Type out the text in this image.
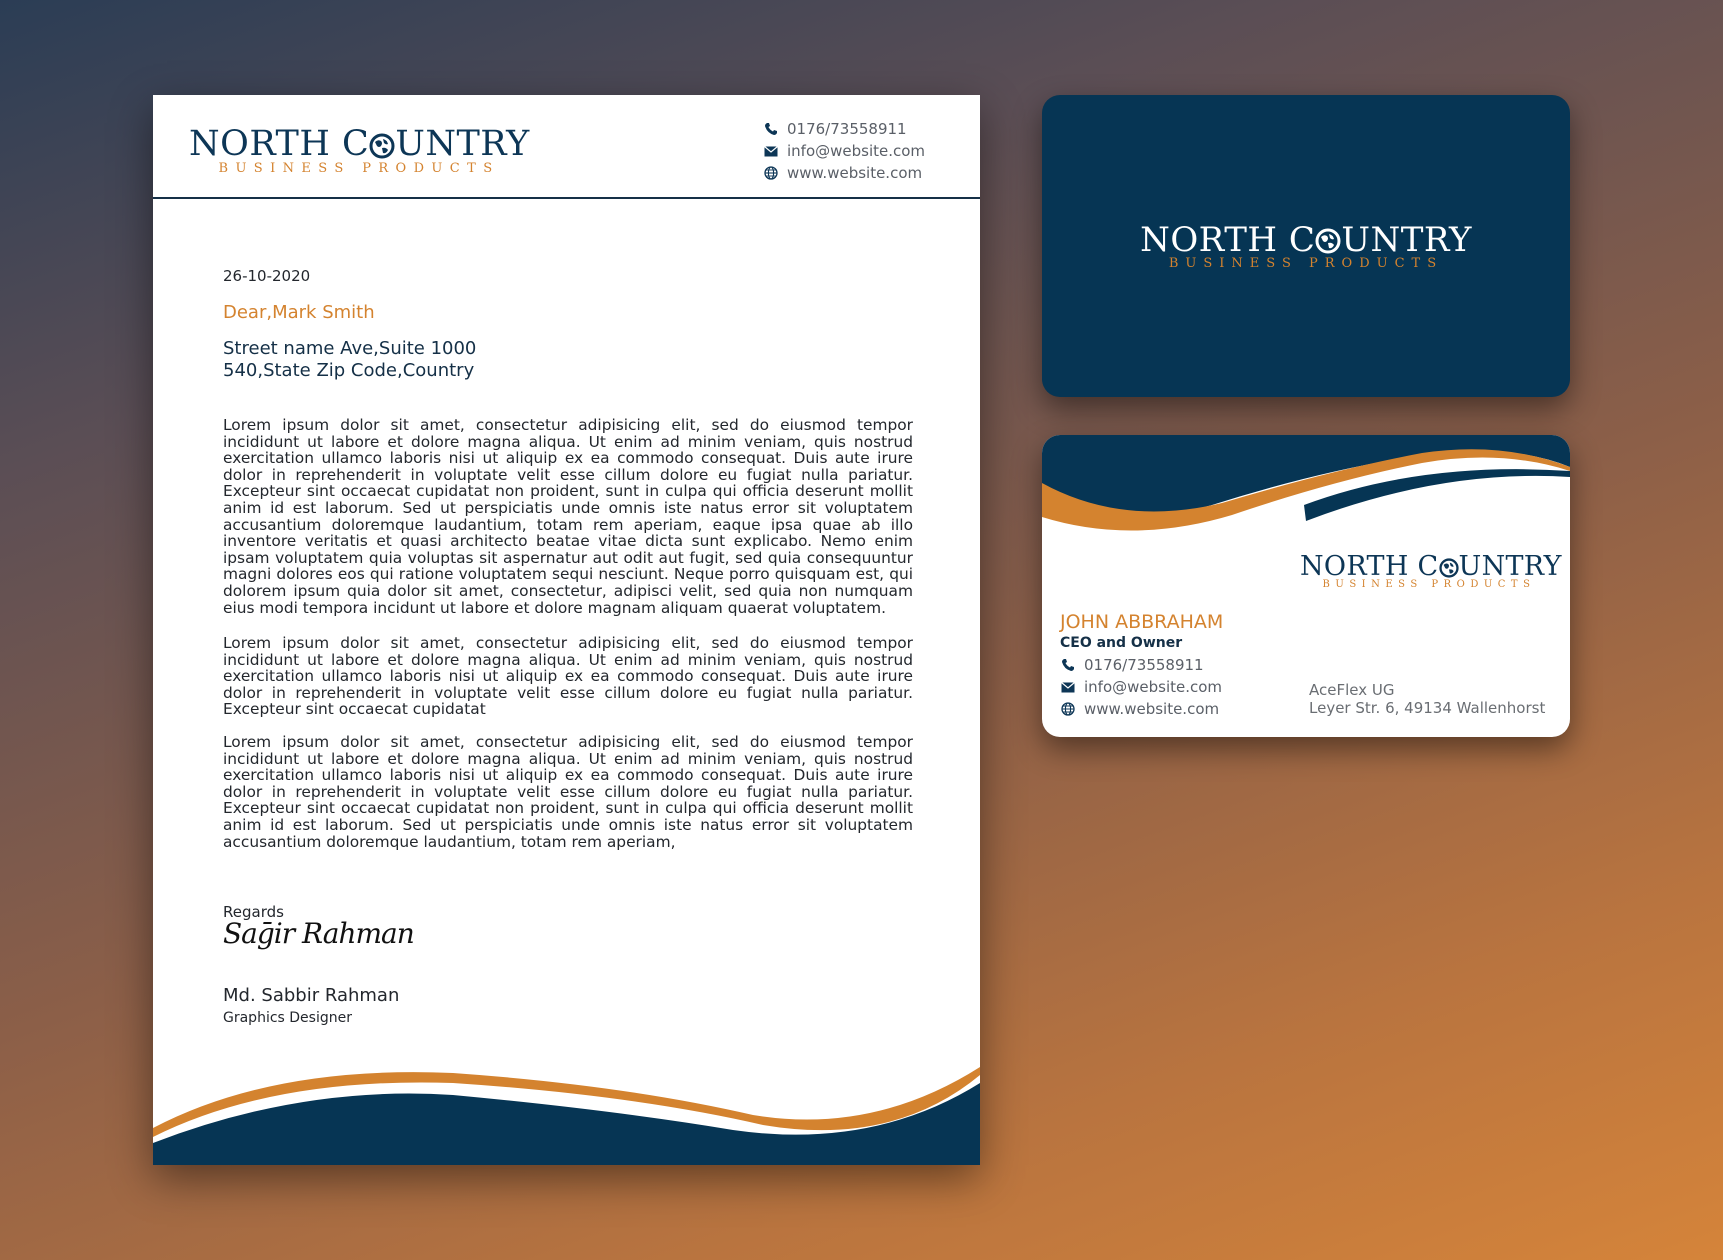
NORTH C UNTRY
BUSINESS PRODUCTS
0176/73558911
info@website.com
www.website.com
26-10-2020
Dear,Mark Smith
Street name Ave,Suite 1000
540,State Zip Code,Country

Lorem ipsum dolor sit amet, consectetur adipisicing elit, sed do eiusmod tempor incididunt ut labore et dolore magna aliqua. Ut enim ad minim veniam, quis nostrud exercitation ullamco laboris nisi ut aliquip ex ea commodo consequat. Duis aute irure dolor in reprehenderit in voluptate velit esse cillum dolore eu fugiat nulla pariatur. Excepteur sint occaecat cupidatat non proident, sunt in culpa qui officia deserunt mollit anim id est laborum. Sed ut perspiciatis unde omnis iste natus error sit voluptatem accusantium doloremque laudantium, totam rem aperiam, eaque ipsa quae ab illo inventore veritatis et quasi architecto beatae vitae dicta sunt explicabo. Nemo enim ipsam voluptatem quia voluptas sit aspernatur aut odit aut fugit, sed quia consequuntur magni dolores eos qui ratione voluptatem sequi nesciunt. Neque porro quisquam est, qui dolorem ipsum quia dolor sit amet, consectetur, adipisci velit, sed quia non numquam eius modi tempora incidunt ut labore et dolore magnam aliquam quaerat voluptatem.

Lorem ipsum dolor sit amet, consectetur adipisicing elit, sed do eiusmod tempor incididunt ut labore et dolore magna aliqua. Ut enim ad minim veniam, quis nostrud exercitation ullamco laboris nisi ut aliquip ex ea commodo consequat. Duis aute irure dolor in reprehenderit in voluptate velit esse cillum dolore eu fugiat nulla pariatur. Excepteur sint occaecat cupidatat

Lorem ipsum dolor sit amet, consectetur adipisicing elit, sed do eiusmod tempor incididunt ut labore et dolore magna aliqua. Ut enim ad minim veniam, quis nostrud exercitation ullamco laboris nisi ut aliquip ex ea commodo consequat. Duis aute irure dolor in reprehenderit in voluptate velit esse cillum dolore eu fugiat nulla pariatur. Excepteur sint occaecat cupidatat non proident, sunt in culpa qui officia deserunt mollit anim id est laborum. Sed ut perspiciatis unde omnis iste natus error sit voluptatem accusantium doloremque laudantium, totam rem aperiam,

Regards
Saḡir Rahman
Md. Sabbir Rahman
Graphics Designer
NORTH C UNTRY
BUSINESS PRODUCTS
NORTH C UNTRY
BUSINESS PRODUCTS
JOHN ABBRAHAM
CEO and Owner
0176/73558911
info@website.com
www.website.com
AceFlex UG
Leyer Str. 6, 49134 Wallenhorst
